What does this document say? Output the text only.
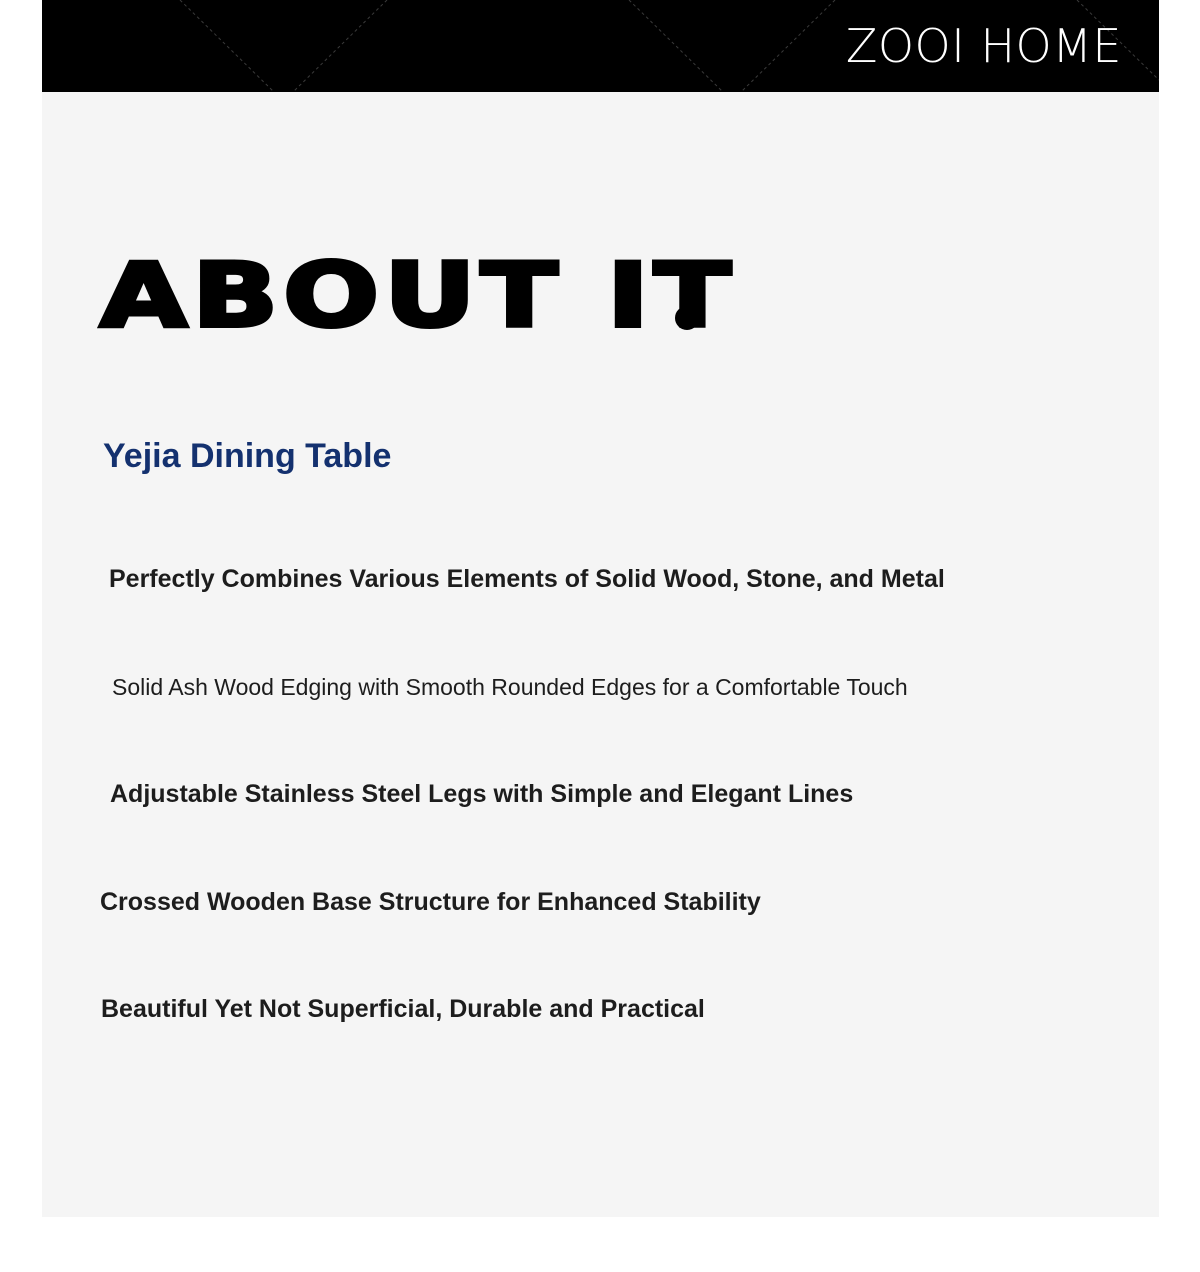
ZOOI HOME
ABOUT IT
Yejia Dining Table

Perfectly Combines Various Elements of Solid Wood, Stone, and Metal

Solid Ash Wood Edging with Smooth Rounded Edges for a Comfortable Touch

Adjustable Stainless Steel Legs with Simple and Elegant Lines

Crossed Wooden Base Structure for Enhanced Stability

Beautiful Yet Not Superficial, Durable and Practical
